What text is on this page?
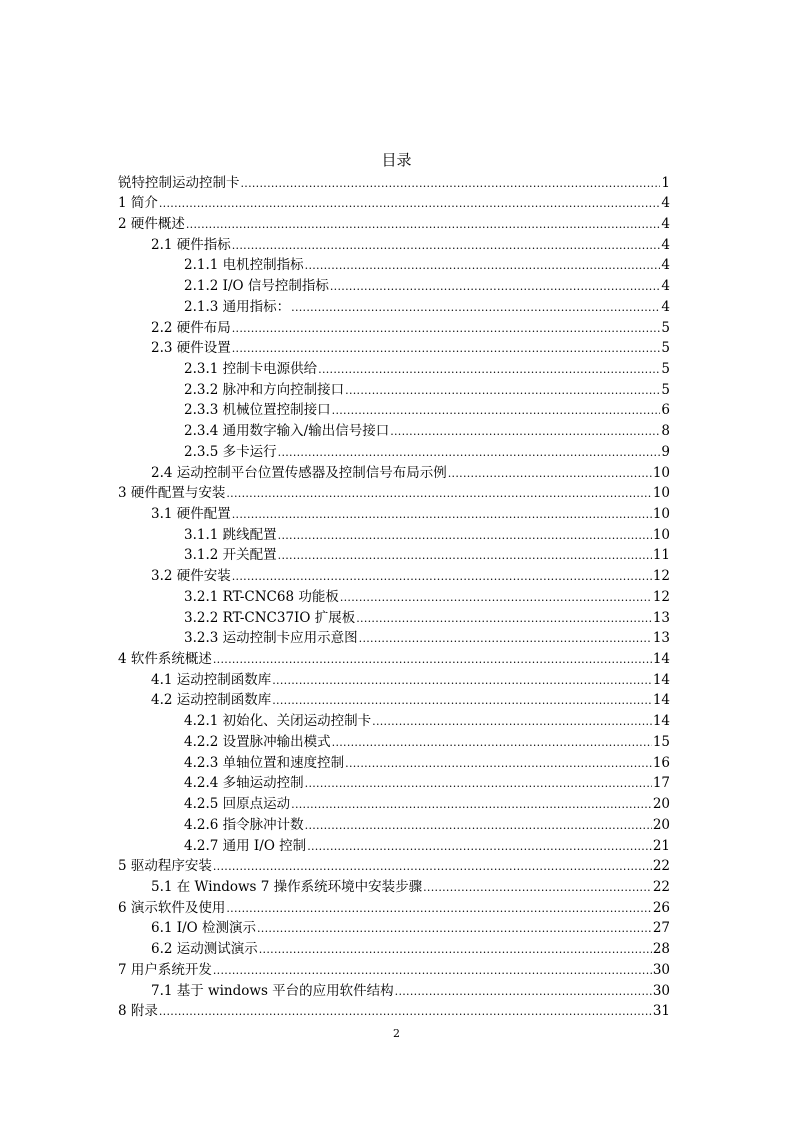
目录
锐特控制运动控制卡 .....	1
1 简介 .....	4
2 硬件概述 .....	4
2.1 硬件指标 .....	4
2.1.1 电机控制指标 .....	4
2.1.2 I/O 信号控制指标 .....	4
2.1.3 通用指标： .....	4
2.2 硬件布局 .....	5
2.3 硬件设置 .....	5
2.3.1 控制卡电源供给 .....	5
2.3.2 脉冲和方向控制接口 .....	5
2.3.3 机械位置控制接口 .....	6
2.3.4 通用数字输入/输出信号接口 .....	8
2.3.5 多卡运行 .....	9
2.4 运动控制平台位置传感器及控制信号布局示例 .....	10
3 硬件配置与安装 .....	10
3.1 硬件配置 .....	10
3.1.1 跳线配置 .....	10
3.1.2 开关配置 .....	11
3.2 硬件安装 .....	12
3.2.1 RT-CNC68 功能板 .....	12
3.2.2 RT-CNC37IO 扩展板 .....	13
3.2.3 运动控制卡应用示意图 .....	13
4 软件系统概述 .....	14
4.1 运动控制函数库 .....	14
4.2 运动控制函数库 .....	14
4.2.1 初始化、关闭运动控制卡 .....	14
4.2.2 设置脉冲输出模式 .....	15
4.2.3 单轴位置和速度控制 .....	16
4.2.4 多轴运动控制 .....	17
4.2.5 回原点运动 .....	20
4.2.6 指令脉冲计数 .....	20
4.2.7 通用 I/O 控制 .....	21
5 驱动程序安装 .....	22
5.1 在 Windows 7 操作系统环境中安装步骤 .....	22
6 演示软件及使用 .....	26
6.1 I/O 检测演示 .....	27
6.2 运动测试演示 .....	28
7 用户系统开发 .....	30
7.1 基于 windows 平台的应用软件结构 .....	30
8 附录 .....	31
2
